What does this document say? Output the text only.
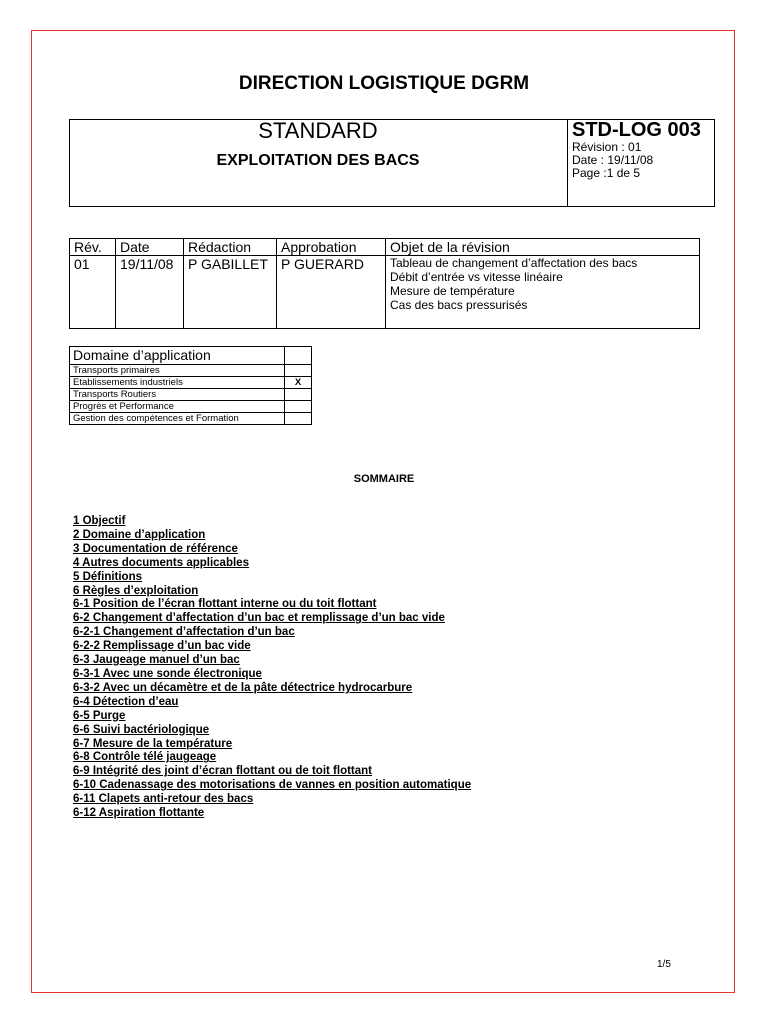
DIRECTION LOGISTIQUE DGRM
STANDARD
EXPLOITATION DES BACS
STD-LOG 003
Révision : 01
Date : 19/11/08
Page :1 de 5
Rév.	Date	Rédaction	Approbation	Objet de la révision
01	19/11/08	P GABILLET	P GUERARD	Tableau de changement d’affectation des bacs
Débit d’entrée vs vitesse linéaire
Mesure de température
Cas des bacs pressurisés
Domaine d’application	
Transports primaires	
Etablissements industriels	X
Transports Routiers	
Progrès et Performance	
Gestion des compétences et Formation	
SOMMAIRE
1 Objectif
2 Domaine d’application
3 Documentation de référence
4 Autres documents applicables
5 Définitions
6 Règles d’exploitation
6-1 Position de l’écran flottant interne ou du toit flottant
6-2 Changement d’affectation d’un bac et remplissage d’un bac vide
6-2-1 Changement d’affectation d’un bac
6-2-2 Remplissage d’un bac vide
6-3 Jaugeage manuel d’un bac
6-3-1 Avec une sonde électronique
6-3-2 Avec un décamètre et de la pâte détectrice hydrocarbure
6-4 Détection d’eau
6-5 Purge
6-6 Suivi bactériologique
6-7 Mesure de la température
6-8 Contrôle télé jaugeage
6-9 Intégrité des joint d’écran flottant ou de toit flottant
6-10 Cadenassage des motorisations de vannes en position automatique
6-11 Clapets anti-retour des bacs
6-12 Aspiration flottante
1/5
